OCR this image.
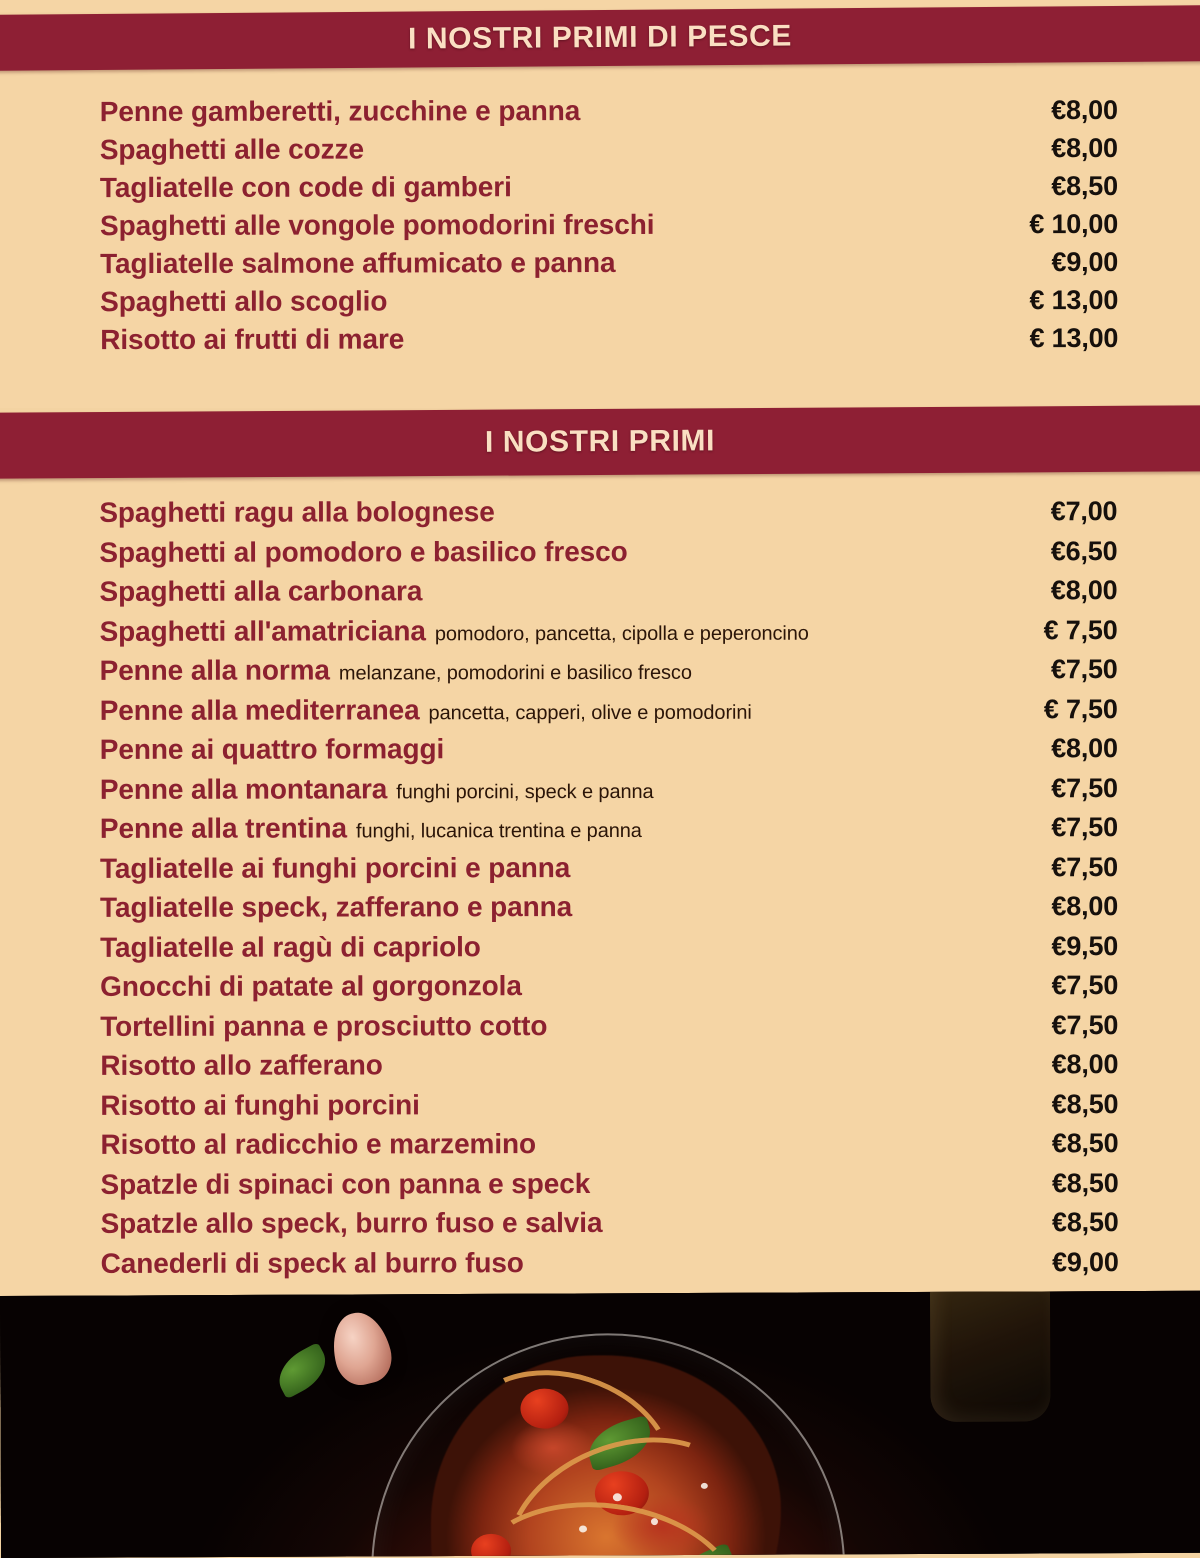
I NOSTRI PRIMI DI PESCE
Penne gamberetti, zucchine e panna	€8,00
Spaghetti alle cozze	€8,00
Tagliatelle con code di gamberi	€8,50
Spaghetti alle vongole pomodorini freschi	€ 10,00
Tagliatelle salmone affumicato e panna	€9,00
Spaghetti allo scoglio	€ 13,00
Risotto ai frutti di mare	€ 13,00
I NOSTRI PRIMI
Spaghetti ragu alla bolognese	€7,00
Spaghetti al pomodoro e basilico fresco	€6,50
Spaghetti alla carbonara	€8,00
Spaghetti all'amatriciana pomodoro, pancetta, cipolla e peperoncino	€ 7,50
Penne alla norma melanzane, pomodorini e basilico fresco	€7,50
Penne alla mediterranea pancetta, capperi, olive e pomodorini	€ 7,50
Penne ai quattro formaggi	€8,00
Penne alla montanara funghi porcini, speck e panna	€7,50
Penne alla trentina funghi, lucanica trentina e panna	€7,50
Tagliatelle ai funghi porcini e panna	€7,50
Tagliatelle speck, zafferano e panna	€8,00
Tagliatelle al ragù di capriolo	€9,50
Gnocchi di patate al gorgonzola	€7,50
Tortellini panna e prosciutto cotto	€7,50
Risotto allo zafferano	€8,00
Risotto ai funghi porcini	€8,50
Risotto al radicchio e marzemino	€8,50
Spatzle di spinaci con panna e speck	€8,50
Spatzle allo speck, burro fuso e salvia	€8,50
Canederli di speck al burro fuso	€9,00
